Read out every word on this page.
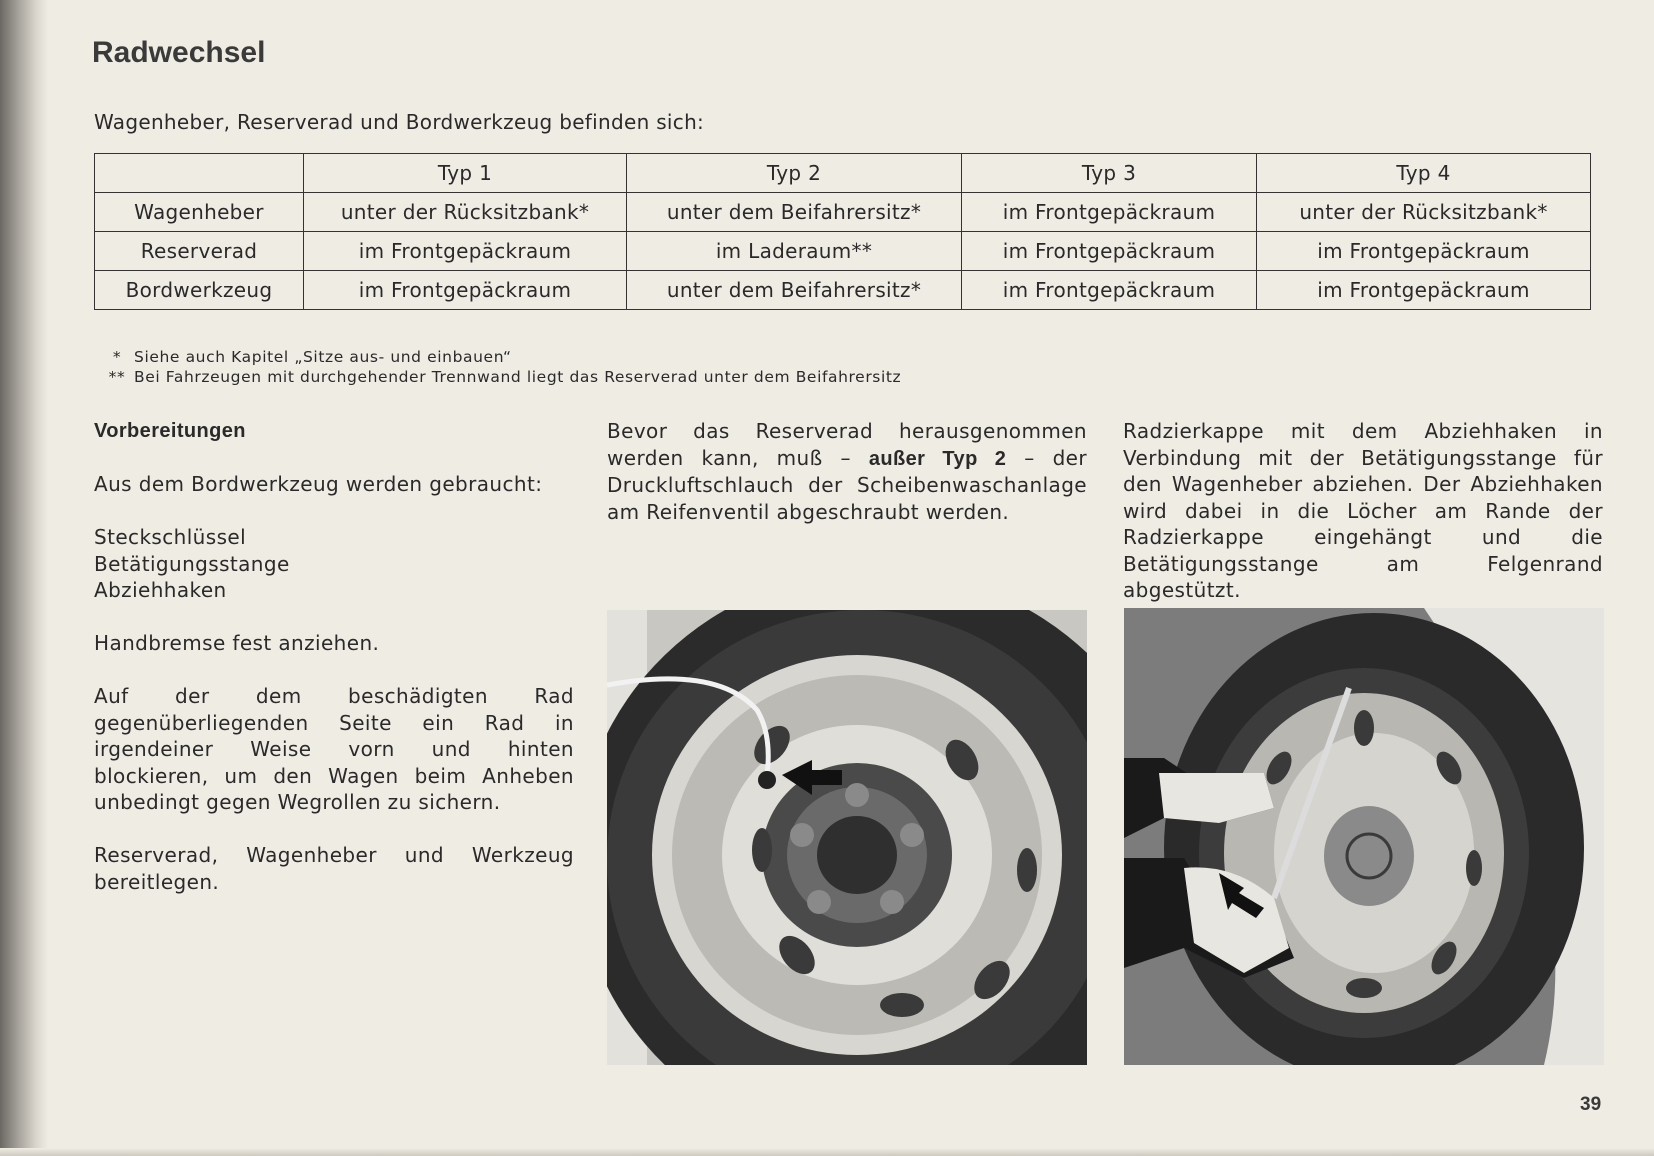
Radwechsel
Wagenheber, Reserverad und Bordwerkzeug befinden sich:
	Typ 1	Typ 2	Typ 3	Typ 4
Wagenheber	unter der Rücksitzbank*	unter dem Beifahrersitz*	im Frontgepäckraum	unter der Rücksitzbank*
Reserverad	im Frontgepäckraum	im Laderaum**	im Frontgepäckraum	im Frontgepäckraum
Bordwerkzeug	im Frontgepäckraum	unter dem Beifahrersitz*	im Frontgepäckraum	im Frontgepäckraum
* Siehe auch Kapitel „Sitze aus- und einbauen“
** Bei Fahrzeugen mit durchgehender Trennwand liegt das Reserverad unter dem Beifahrersitz

Vorbereitungen

Aus dem Bordwerkzeug werden gebraucht:

Steckschlüssel
Betätigungsstange
Abziehhaken

Handbremse fest anziehen.

Auf der dem beschädigten Rad gegenüberliegenden Seite ein Rad in irgendeiner Weise vorn und hinten blockieren, um den Wagen beim Anheben unbedingt gegen Wegrollen zu sichern.

Reserverad, Wagenheber und Werkzeug bereitlegen.

Bevor das Reserverad herausgenommen werden kann, muß – außer Typ 2 – der Druckluftschlauch der Scheibenwaschanlage am Reifenventil abgeschraubt werden.

Radzierkappe mit dem Abziehhaken in Verbindung mit der Betätigungsstange für den Wagenheber abziehen. Der Abziehhaken wird dabei in die Löcher am Rande der Radzierkappe eingehängt und die Betätigungsstange am Felgenrand abgestützt.

39
